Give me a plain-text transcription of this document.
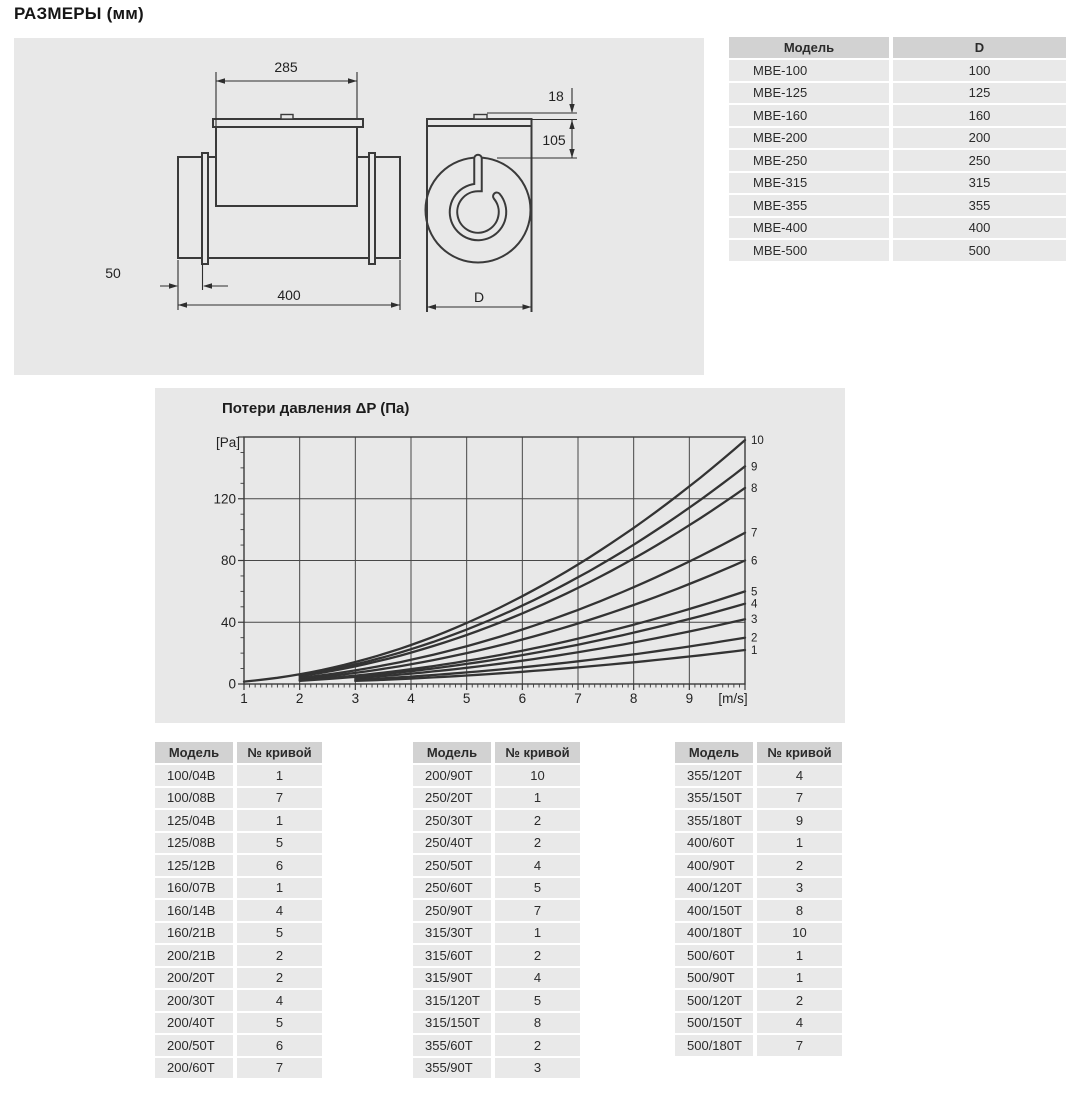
РАЗМЕРЫ (мм)
285
50
400
18
105
D
Модель	D
МВЕ-100	100
МВЕ-125	125
МВЕ-160	160
МВЕ-200	200
МВЕ-250	250
МВЕ-315	315
МВЕ-355	355
МВЕ-400	400
МВЕ-500	500
Потери давления ΔP (Па)
1
2
3
4
5
6
7
8
9
10
1	2	3	4	5	6	7	8	9 [m/s]
0
40
80
120
[Pa]
Модель	№ кривой
100/04В	1
100/08В	7
125/04В	1
125/08В	5
125/12В	6
160/07В	1
160/14В	4
160/21В	5
200/21В	2
200/20Т	2
200/30Т	4
200/40Т	5
200/50Т	6
200/60Т	7
Модель	№ кривой
200/90Т	10
250/20Т	1
250/30Т	2
250/40Т	2
250/50Т	4
250/60Т	5
250/90Т	7
315/30Т	1
315/60Т	2
315/90Т	4
315/120Т	5
315/150Т	8
355/60Т	2
355/90Т	3
Модель	№ кривой
355/120Т	4
355/150Т	7
355/180Т	9
400/60Т	1
400/90Т	2
400/120Т	3
400/150Т	8
400/180Т	10
500/60Т	1
500/90Т	1
500/120Т	2
500/150Т	4
500/180Т	7
